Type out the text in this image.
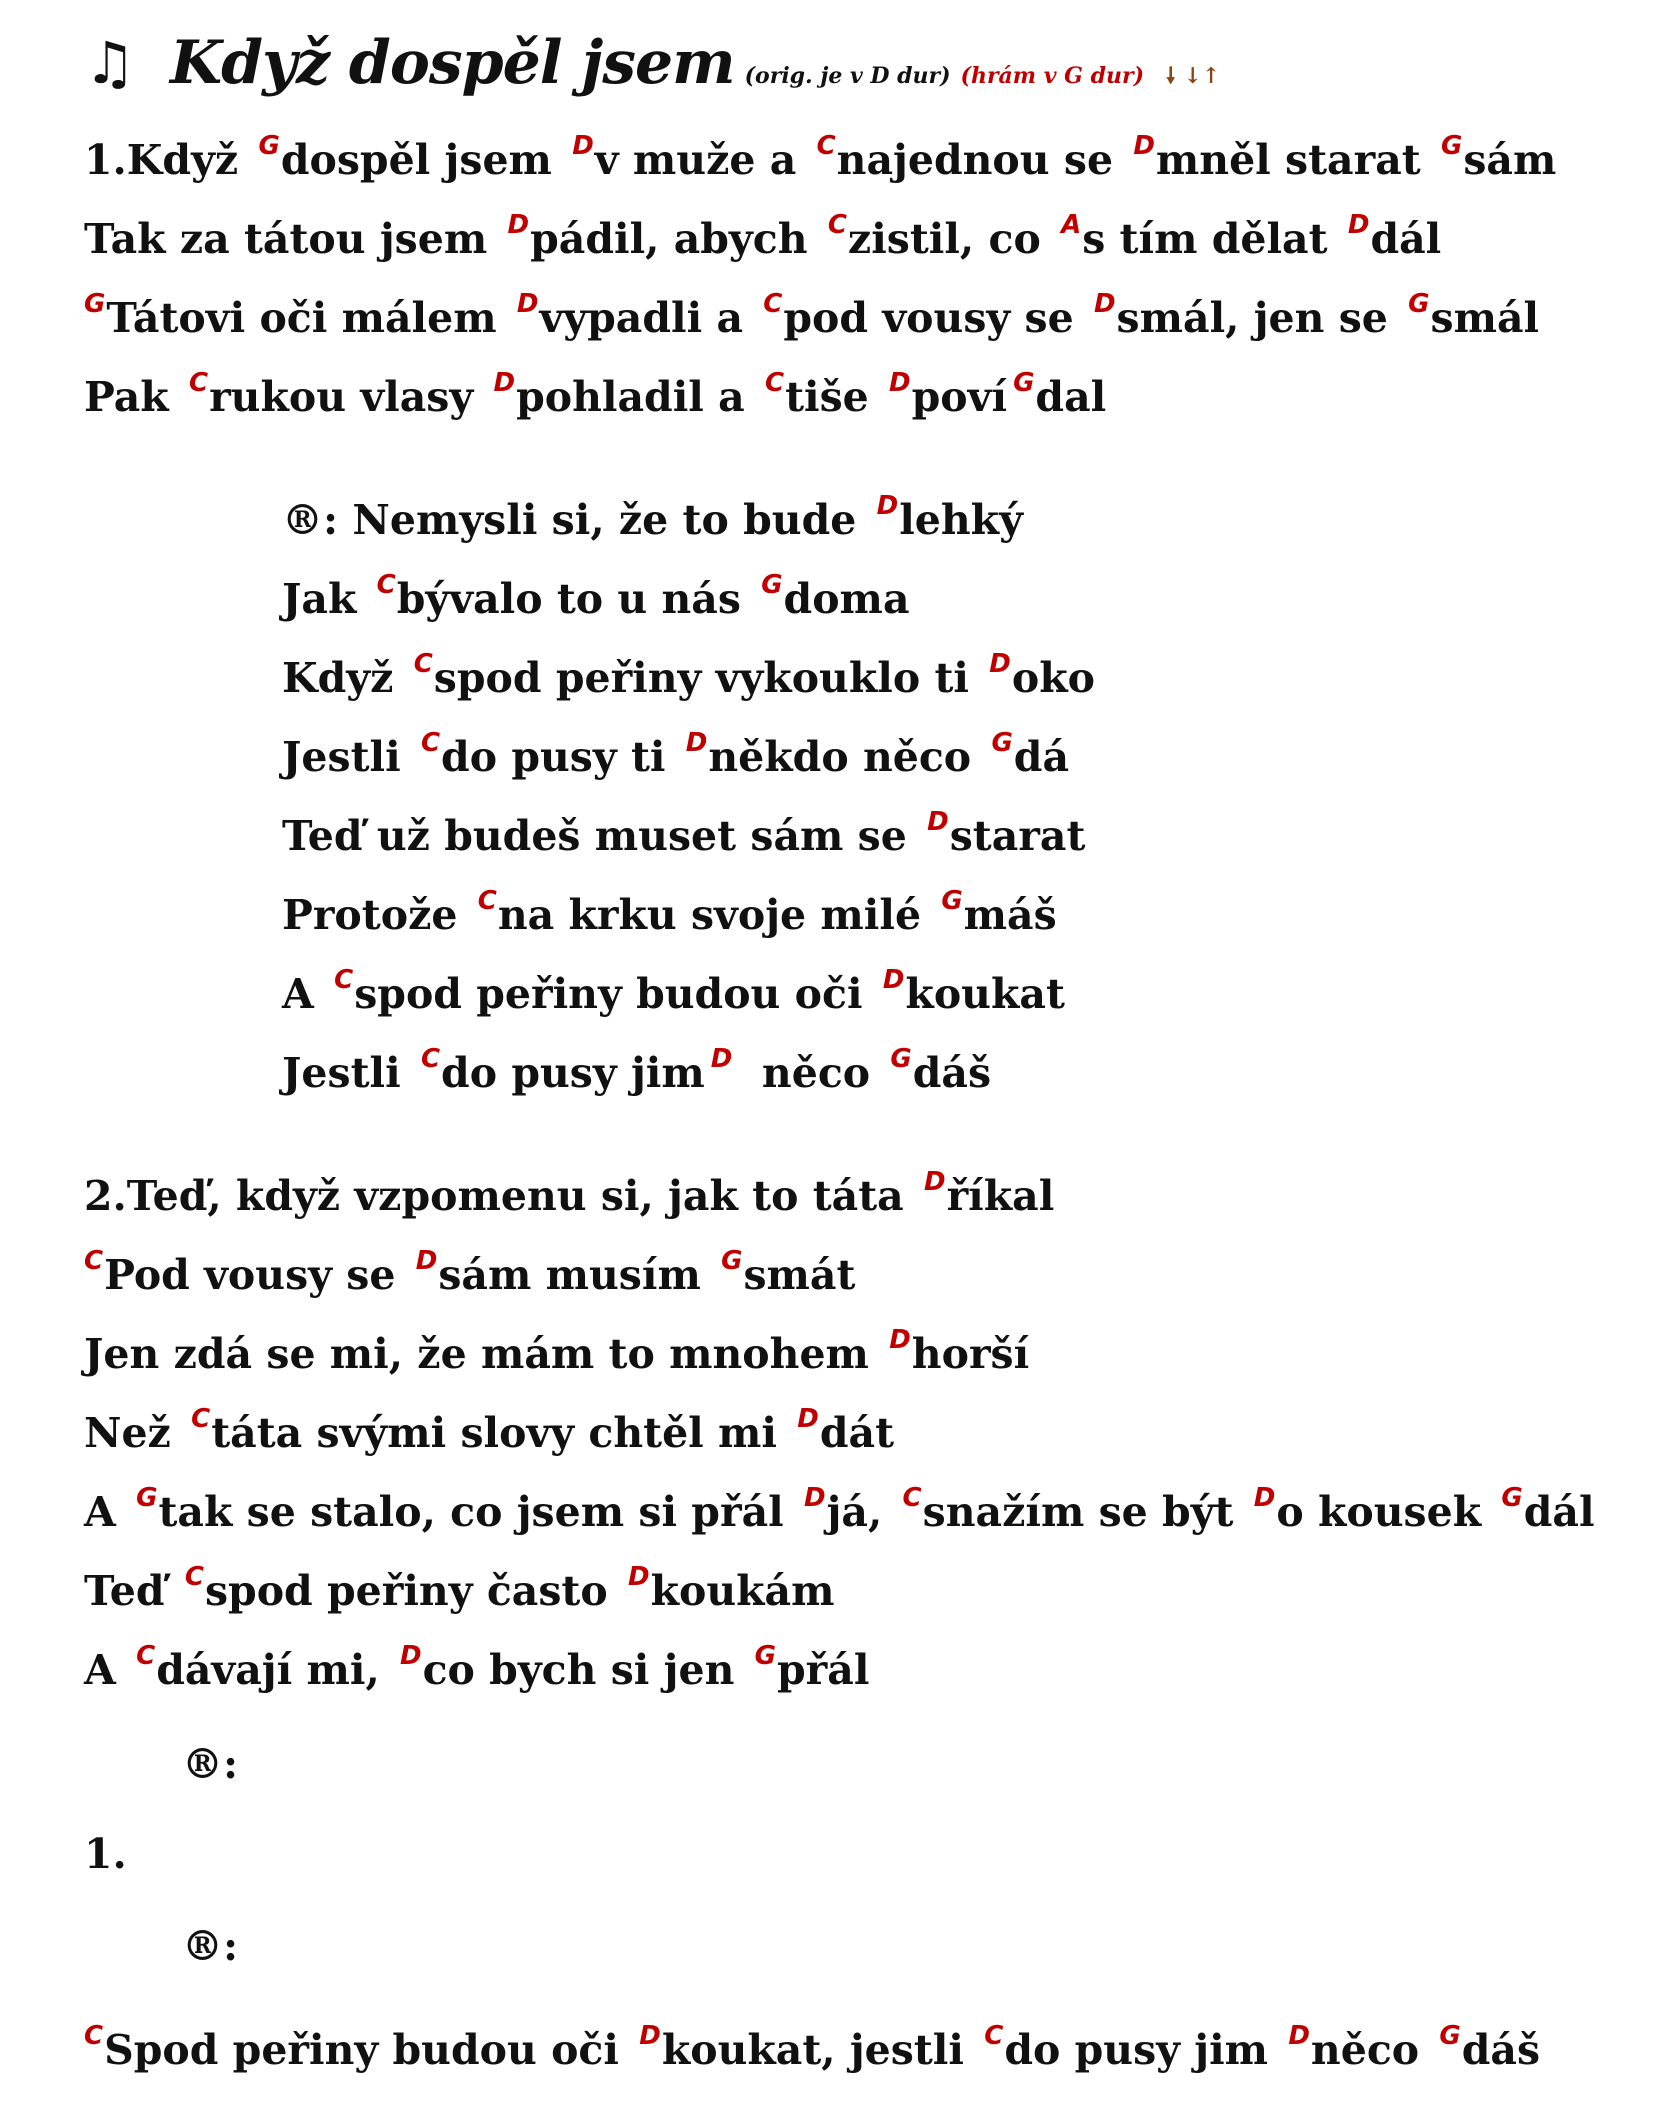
♫ Když dospěl jsem (orig. je v D dur) (hrám v G dur) 🠗 ↓↑
1.Když $^G$dospěl jsem $^D$v muže a $^C$najednou se $^D$mněl starat $^G$sám
Tak za tátou jsem $^D$pádil, abych $^C$zistil, co $^A$s tím dělat $^D$dál
$^G$Tátovi oči málem $^D$vypadli a $^C$pod vousy se $^D$smál, jen se $^G$smál
Pak $^C$rukou vlasy $^D$pohladil a $^C$tiše $^D$poví $^G$dal
®: Nemysli si, že to bude $^D$lehký
Jak $^C$bývalo to u nás $^G$doma
Když $^C$spod peřiny vykouklo ti $^D$oko
Jestli $^C$do pusy ti $^D$někdo něco $^G$dá
Teď už budeš muset sám se $^D$starat
Protože $^C$na krku svoje milé $^G$máš
A $^C$spod peřiny budou oči $^D$koukat
Jestli $^C$do pusy jim $^D$  něco $^G$dáš
2.Teď, když vzpomenu si, jak to táta $^D$říkal
$^C$Pod vousy se $^D$sám musím $^G$smát
Jen zdá se mi, že mám to mnohem $^D$horší
Než $^C$táta svými slovy chtěl mi $^D$dát
A $^G$tak se stalo, co jsem si přál $^D$já, $^C$snažím se být $^D$o kousek $^G$dál
Teď $^C$spod peřiny často $^D$koukám
A $^C$dávají mi, $^D$co bych si jen $^G$přál
®:
1.
®:
$^C$Spod peřiny budou oči $^D$koukat, jestli $^C$do pusy jim $^D$něco $^G$dáš
